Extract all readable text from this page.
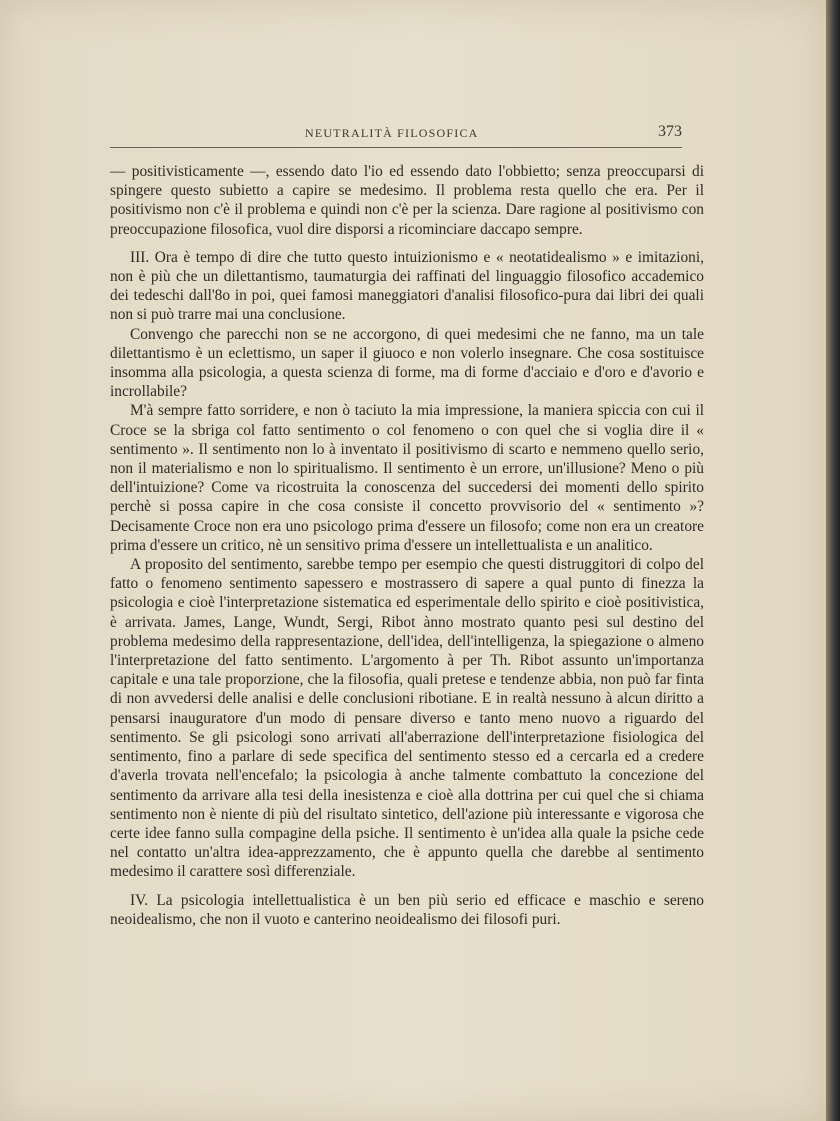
NEUTRALITÀ FILOSOFICA	373

— positivisticamente —, essendo dato l'io ed essendo dato l'obbietto; senza preoccuparsi di spingere questo subietto a capire se medesimo. Il problema resta quello che era. Per il positivismo non c'è il problema e quindi non c'è per la scienza. Dare ragione al positivismo con preoccupazione filosofica, vuol dire disporsi a ricominciare daccapo sempre.

III. Ora è tempo di dire che tutto questo intuizionismo e « neotatidealismo » e imitazioni, non è più che un dilettantismo, taumaturgia dei raffinati del linguaggio filosofico accademico dei tedeschi dall'8o in poi, quei famosi maneggiatori d'analisi filosofico-pura dai libri dei quali non si può trarre mai una conclusione.

Convengo che parecchi non se ne accorgono, di quei medesimi che ne fanno, ma un tale dilettantismo è un eclettismo, un saper il giuoco e non volerlo insegnare. Che cosa sostituisce insomma alla psicologia, a questa scienza di forme, ma di forme d'acciaio e d'oro e d'avorio e incrollabile?

M'à sempre fatto sorridere, e non ò taciuto la mia impressione, la maniera spiccia con cui il Croce se la sbriga col fatto sentimento o col fenomeno o con quel che si voglia dire il « sentimento ». Il sentimento non lo à inventato il positivismo di scarto e nemmeno quello serio, non il materialismo e non lo spiritualismo. Il sentimento è un errore, un'illusione? Meno o più dell'intuizione? Come va ricostruita la conoscenza del succedersi dei momenti dello spirito perchè si possa capire in che cosa consiste il concetto provvisorio del « sentimento »? Decisamente Croce non era uno psicologo prima d'essere un filosofo; come non era un creatore prima d'essere un critico, nè un sensitivo prima d'essere un intellettualista e un analitico.

A proposito del sentimento, sarebbe tempo per esempio che questi distruggitori di colpo del fatto o fenomeno sentimento sapessero e mostrassero di sapere a qual punto di finezza la psicologia e cioè l'interpretazione sistematica ed esperimentale dello spirito e cioè positivistica, è arrivata. James, Lange, Wundt, Sergi, Ribot ànno mostrato quanto pesi sul destino del problema medesimo della rappresentazione, dell'idea, dell'intelligenza, la spiegazione o almeno l'interpretazione del fatto sentimento. L'argomento à per Th. Ribot assunto un'importanza capitale e una tale proporzione, che la filosofia, quali pretese e tendenze abbia, non può far finta di non avvedersi delle analisi e delle conclusioni ribotiane. E in realtà nessuno à alcun diritto a pensarsi inauguratore d'un modo di pensare diverso e tanto meno nuovo a riguardo del sentimento. Se gli psicologi sono arrivati all'aberrazione dell'interpretazione fisiologica del sentimento, fino a parlare di sede specifica del sentimento stesso ed a cercarla ed a credere d'averla trovata nell'encefalo; la psicologia à anche talmente combattuto la concezione del sentimento da arrivare alla tesi della inesistenza e cioè alla dottrina per cui quel che si chiama sentimento non è niente di più del risultato sintetico, dell'azione più interessante e vigorosa che certe idee fanno sulla compagine della psiche. Il sentimento è un'idea alla quale la psiche cede nel contatto un'altra idea-apprezzamento, che è appunto quella che darebbe al sentimento medesimo il carattere sosì differenziale.

IV. La psicologia intellettualistica è un ben più serio ed efficace e maschio e sereno neoidealismo, che non il vuoto e canterino neoidealismo dei filosofi puri.
